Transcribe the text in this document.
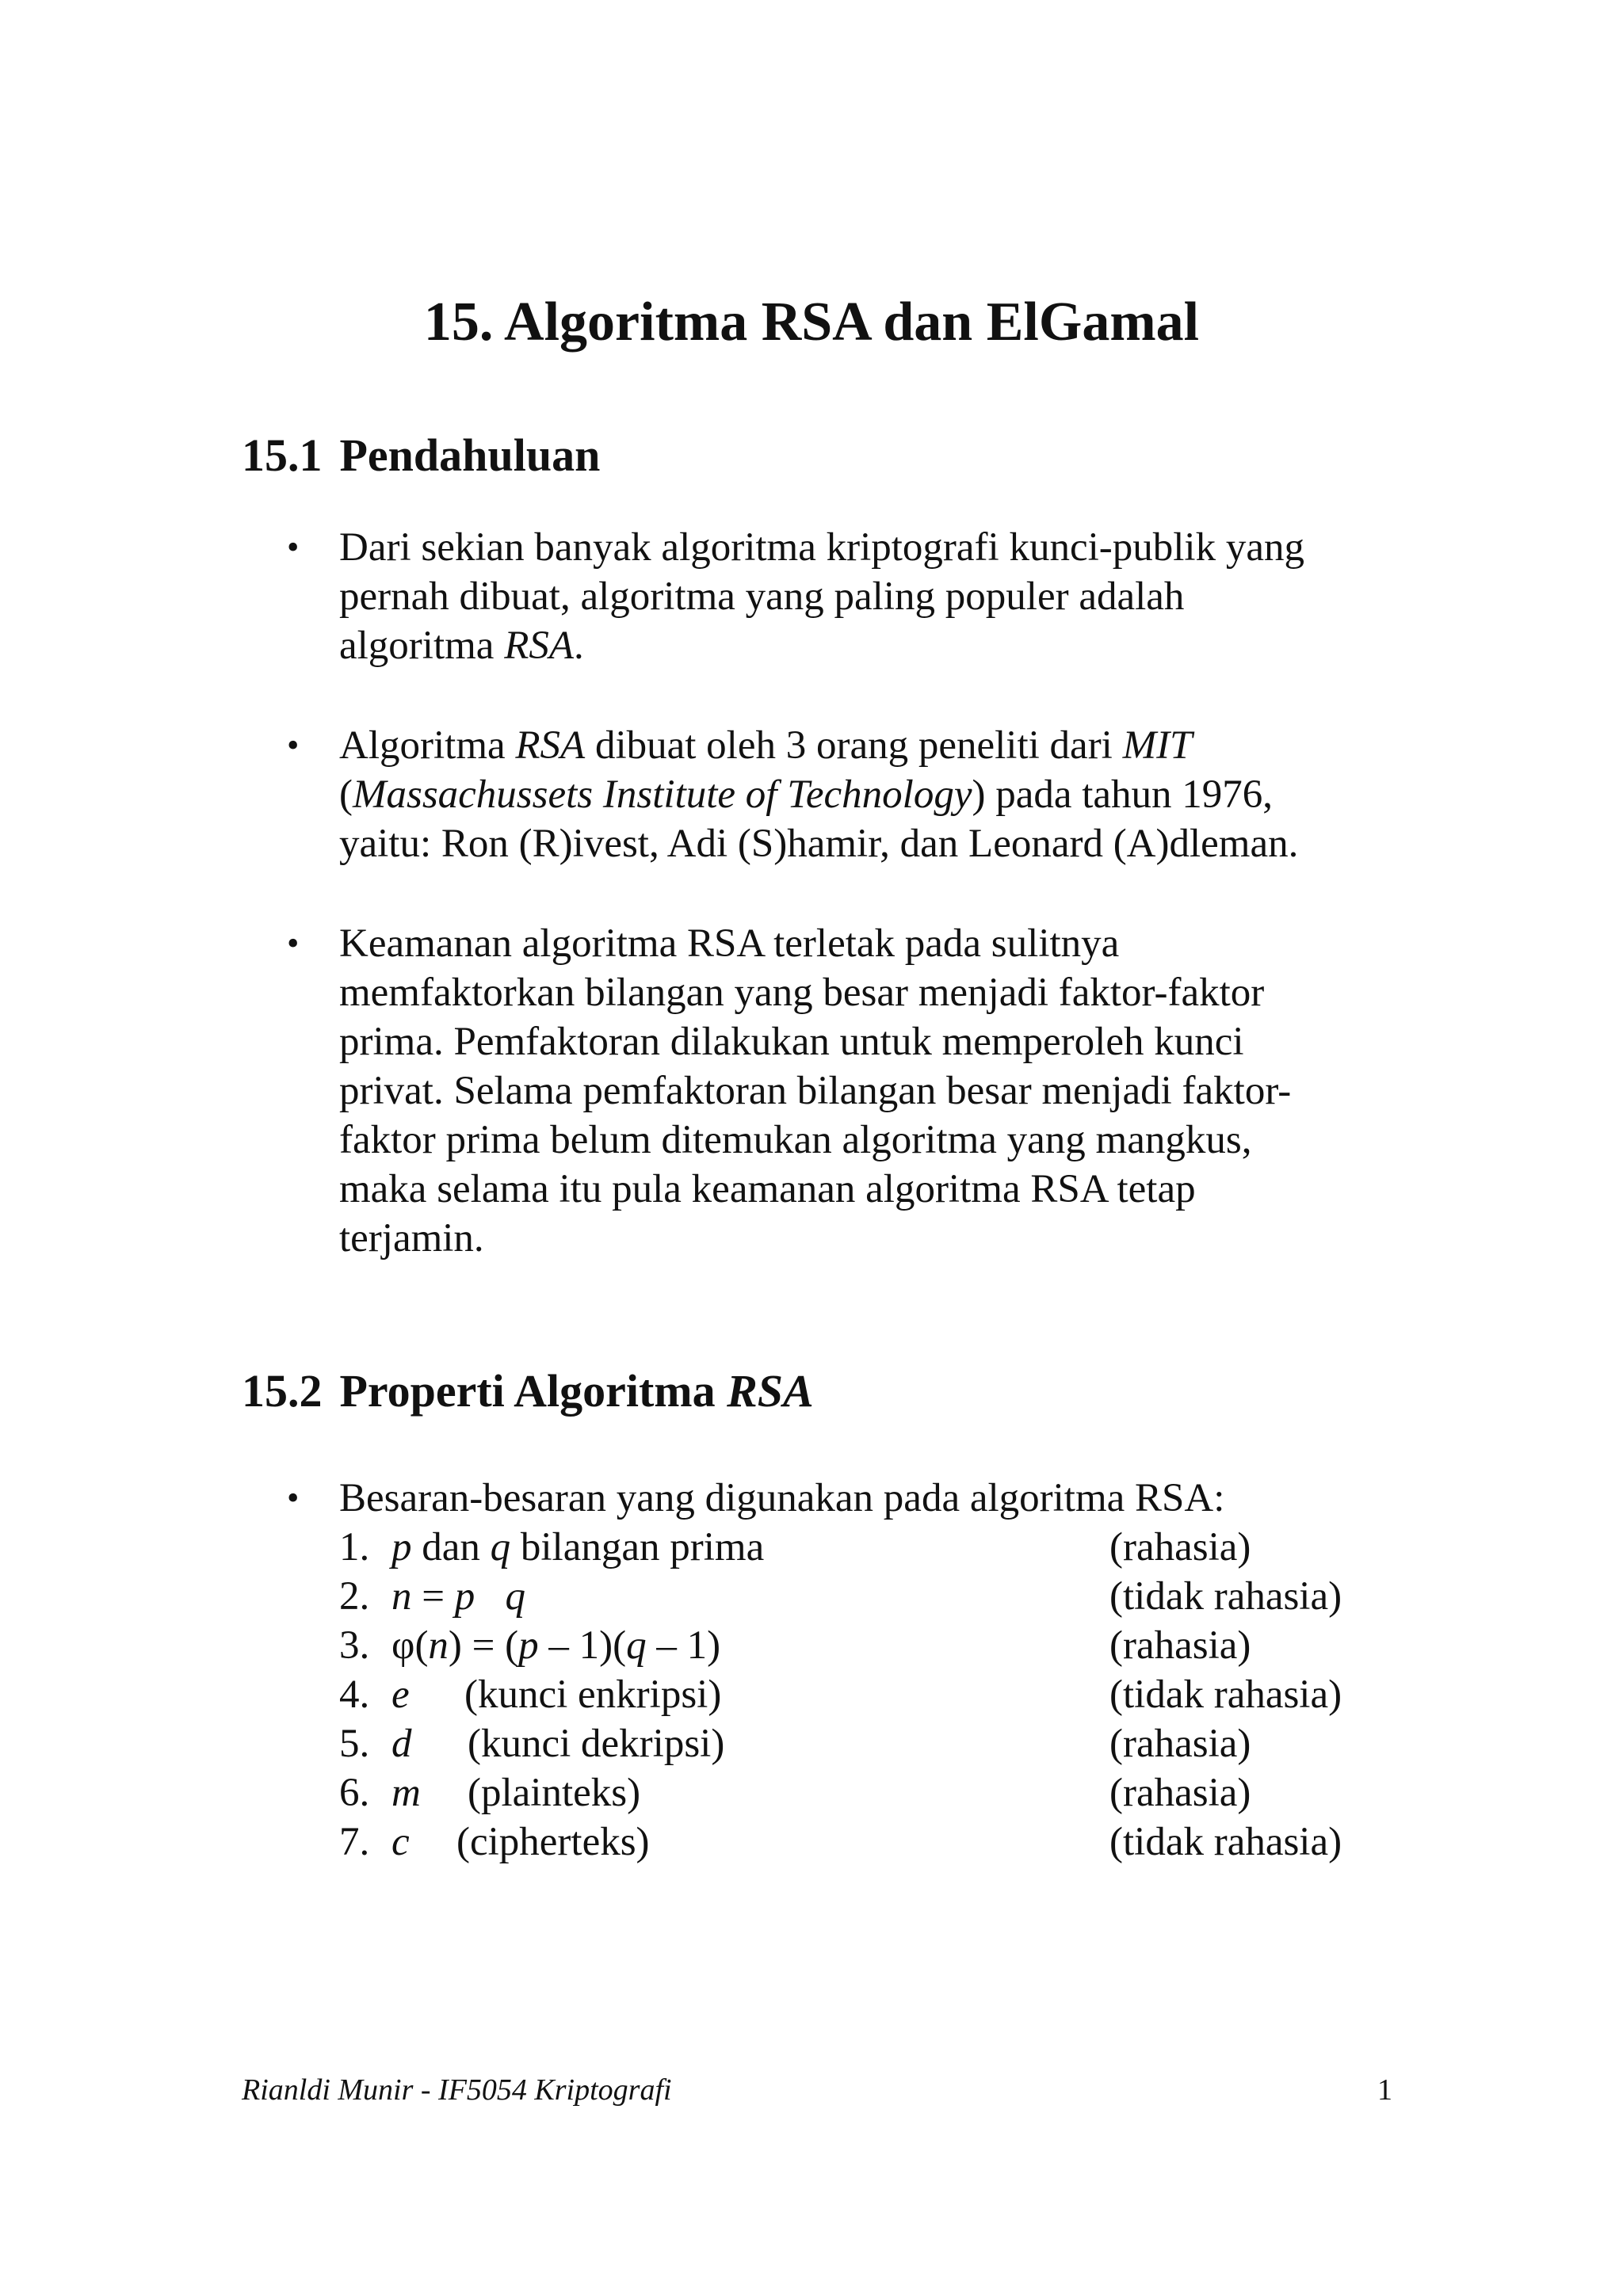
15. Algoritma RSA dan ElGamal
15.1 Pendahuluan
• Dari sekian banyak algoritma kriptografi kunci-publik yang
pernah dibuat, algoritma yang paling populer adalah
algoritma RSA.
• Algoritma RSA dibuat oleh 3 orang peneliti dari MIT
(Massachussets Institute of Technology) pada tahun 1976,
yaitu: Ron (R)ivest, Adi (S)hamir, dan Leonard (A)dleman.
• Keamanan algoritma RSA terletak pada sulitnya
memfaktorkan bilangan yang besar menjadi faktor-faktor
prima. Pemfaktoran dilakukan untuk memperoleh kunci
privat. Selama pemfaktoran bilangan besar menjadi faktor-
faktor prima belum ditemukan algoritma yang mangkus,
maka selama itu pula keamanan algoritma RSA tetap
terjamin.
15.2 Properti Algoritma RSA
• Besaran-besaran yang digunakan pada algoritma RSA:
1. p dan q bilangan prima	(rahasia)
2. n = p q	(tidak rahasia)
3. φ(n) = (p – 1)(q – 1)	(rahasia)
4. e (kunci enkripsi)	(tidak rahasia)
5. d (kunci dekripsi)	(rahasia)
6. m (plainteks)	(rahasia)
7. c (cipherteks)	(tidak rahasia)
Rianldi Munir - IF5054 Kriptografi	1
